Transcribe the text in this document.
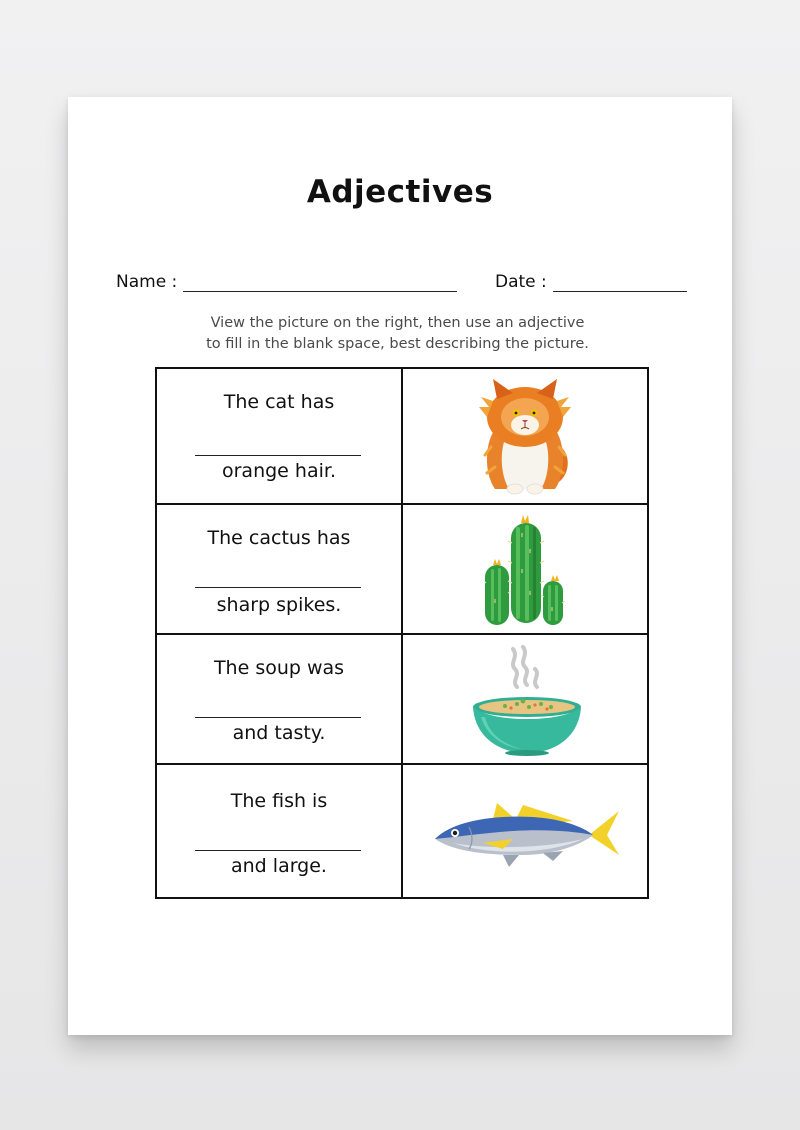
Adjectives
Name :	Date :
View the picture on the right, then use an adjective
to fill in the blank space, best describing the picture.
The cat has
orange hair.

The cactus has
sharp spikes.

The soup was
and tasty.

The fish is
and large.
